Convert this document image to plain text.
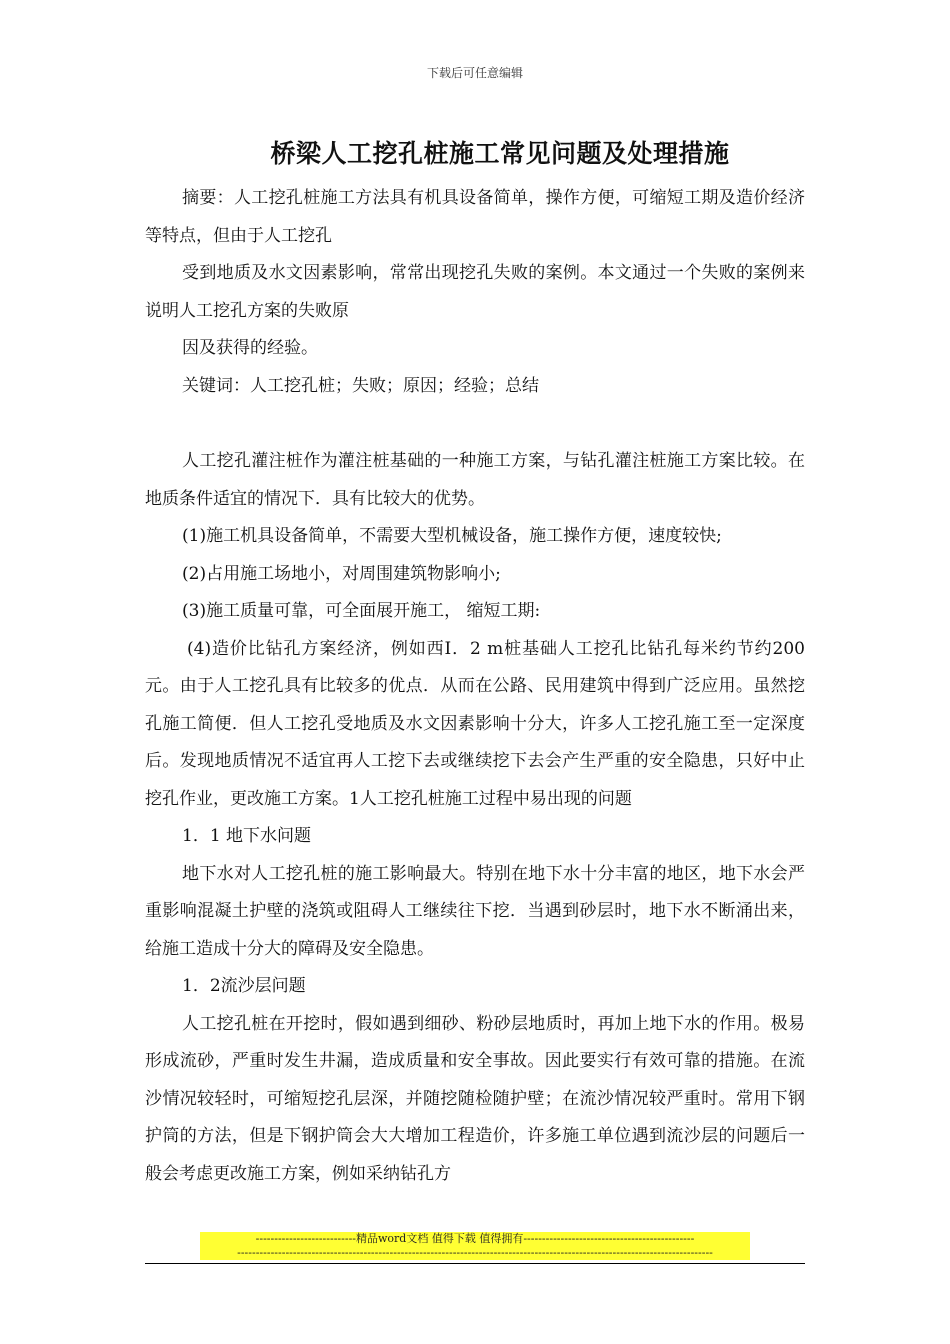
下载后可任意编辑
桥梁人工挖孔桩施工常见问题及处理措施

摘要：人工挖孔桩施工方法具有机具设备简单，操作方便，可缩短工期及造价经济等特点，但由于人工挖孔

受到地质及水文因素影响，常常出现挖孔失败的案例。本文通过一个失败的案例来说明人工挖孔方案的失败原

因及获得的经验。

关键词：人工挖孔桩；失败；原因；经验；总结

人工挖孔灌注桩作为灌注桩基础的一种施工方案，与钻孔灌注桩施工方案比较。在地质条件适宜的情况下．具有比较大的优势。

(1)施工机具设备简单，不需要大型机械设备，施工操作方便，速度较快;

(2)占用施工场地小，对周围建筑物影响小;

(3)施工质量可靠，可全面展开施工， 缩短工期:

(4)造价比钻孔方案经济，例如西I．2 m桩基础人工挖孔比钻孔每米约节约200元。由于人工挖孔具有比较多的优点．从而在公路、民用建筑中得到广泛应用。虽然挖孔施工简便．但人工挖孔受地质及水文因素影响十分大，许多人工挖孔施工至一定深度后。发现地质情况不适宜再人工挖下去或继续挖下去会产生严重的安全隐患，只好中止挖孔作业，更改施工方案。1人工挖孔桩施工过程中易出现的问题

1．1 地下水问题

地下水对人工挖孔桩的施工影响最大。特别在地下水十分丰富的地区，地下水会严重影响混凝土护壁的浇筑或阻碍人工继续往下挖．当遇到砂层时，地下水不断涌出来，给施工造成十分大的障碍及安全隐患。

1．2流沙层问题

人工挖孔桩在开挖时，假如遇到细砂、粉砂层地质时，再加上地下水的作用。极易形成流砂，严重时发生井漏，造成质量和安全事故。因此要实行有效可靠的措施。在流沙情况较轻时，可缩短挖孔层深，并随挖随检随护壁；在流沙情况较严重时。常用下钢护筒的方法，但是下钢护筒会大大增加工程造价，许多施工单位遇到流沙层的问题后一般会考虑更改施工方案，例如采纳钻孔方

---------------------------精品word文档 值得下载 值得拥有----------------------------------------------
--------------------------------------------------------------------------------------------------------------------------------
